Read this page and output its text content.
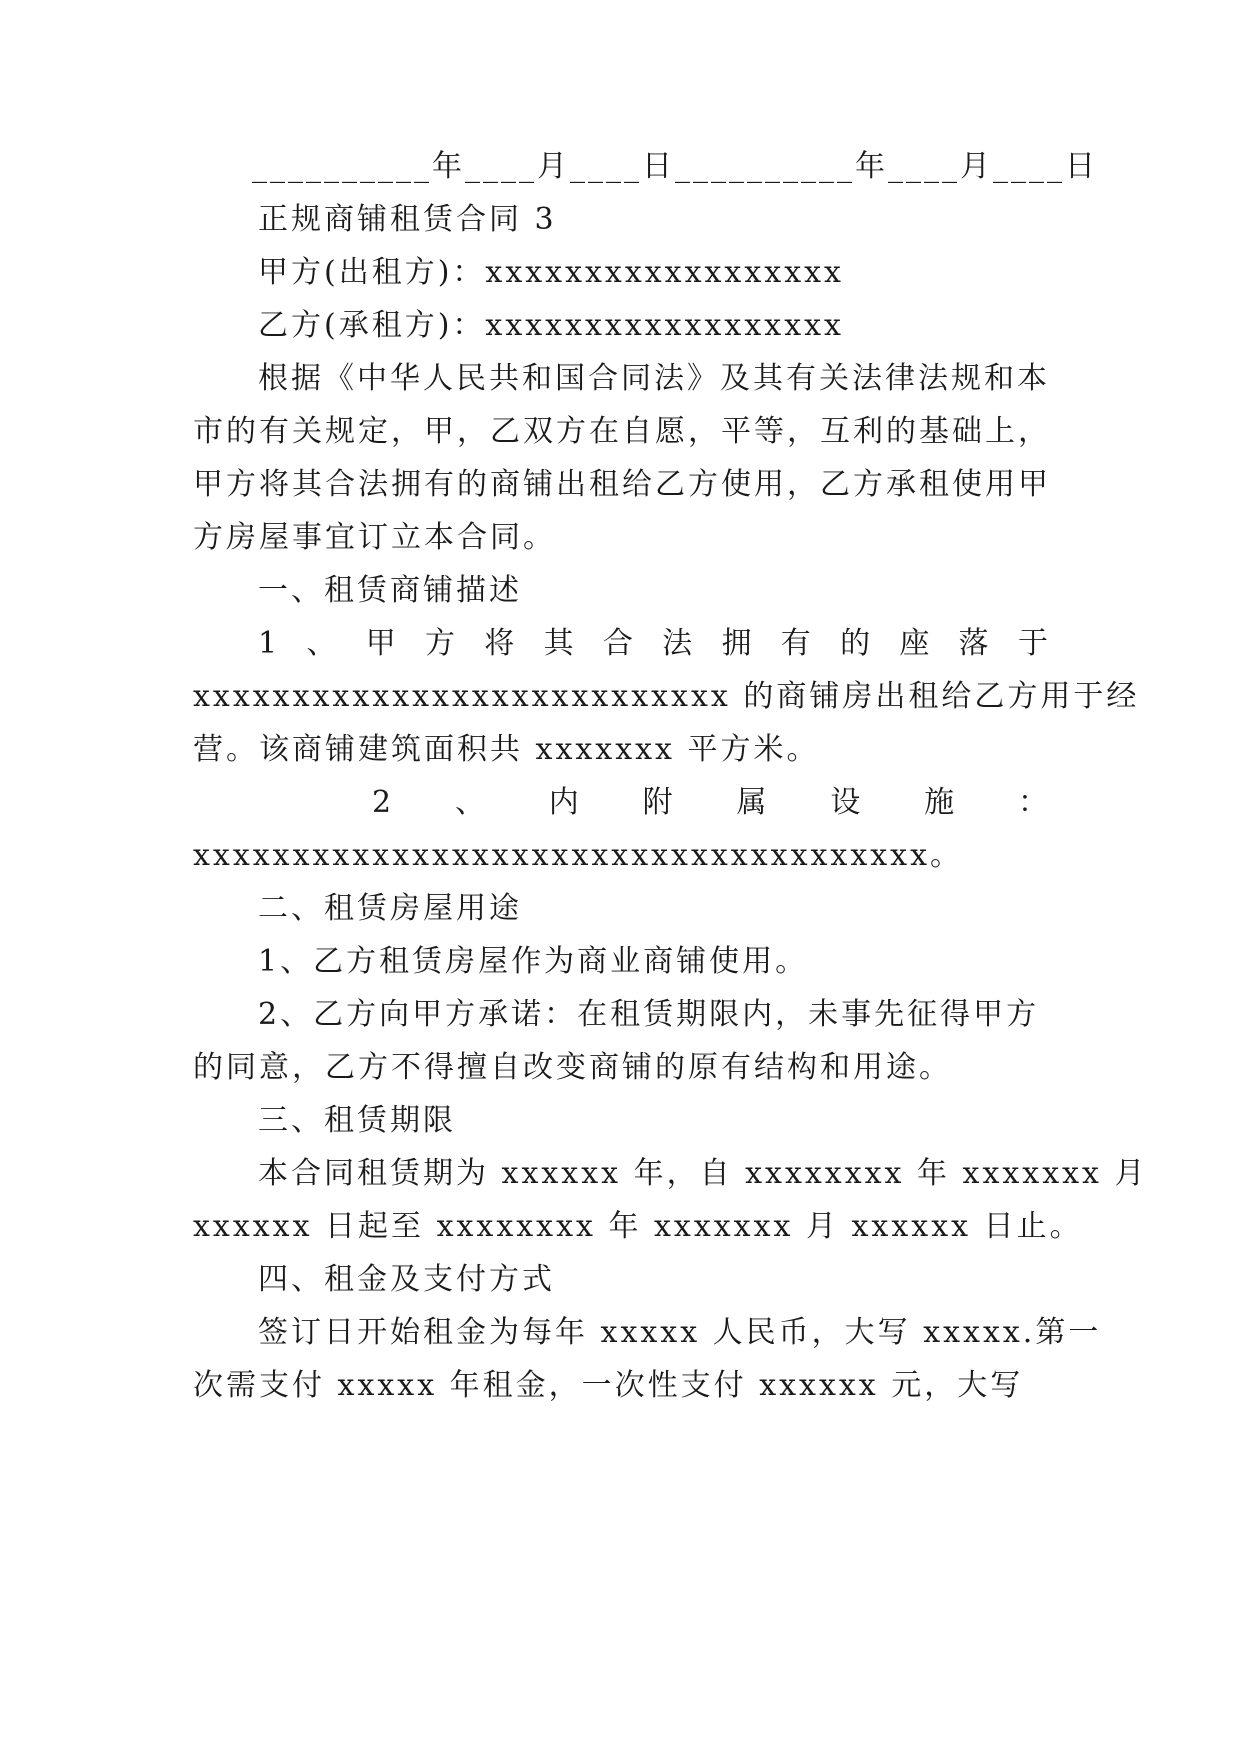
__________年____月____日__________年____月____日
正规商铺租赁合同 3
甲方(出租方)：xxxxxxxxxxxxxxxxxx
乙方(承租方)：xxxxxxxxxxxxxxxxxx
根据《中华人民共和国合同法》及其有关法律法规和本
市的有关规定，甲，乙双方在自愿，平等，互利的基础上，
甲方将其合法拥有的商铺出租给乙方使用，乙方承租使用甲
方房屋事宜订立本合同。
一、租赁商铺描述
1 、 甲 方 将 其 合 法 拥 有 的 座 落 于
xxxxxxxxxxxxxxxxxxxxxxxxxxx 的商铺房出租给乙方用于经
营。该商铺建筑面积共 xxxxxxx 平方米。
2 、 内 附 属 设 施 ：
xxxxxxxxxxxxxxxxxxxxxxxxxxxxxxxxxxxxx。
二、租赁房屋用途
1、乙方租赁房屋作为商业商铺使用。
2、乙方向甲方承诺：在租赁期限内，未事先征得甲方
的同意，乙方不得擅自改变商铺的原有结构和用途。
三、租赁期限
本合同租赁期为 xxxxxx 年，自 xxxxxxxx 年 xxxxxxx 月
xxxxxx 日起至 xxxxxxxx 年 xxxxxxx 月 xxxxxx 日止。
四、租金及支付方式
签订日开始租金为每年 xxxxx 人民币，大写 xxxxx.第一
次需支付 xxxxx 年租金，一次性支付 xxxxxx 元，大写
